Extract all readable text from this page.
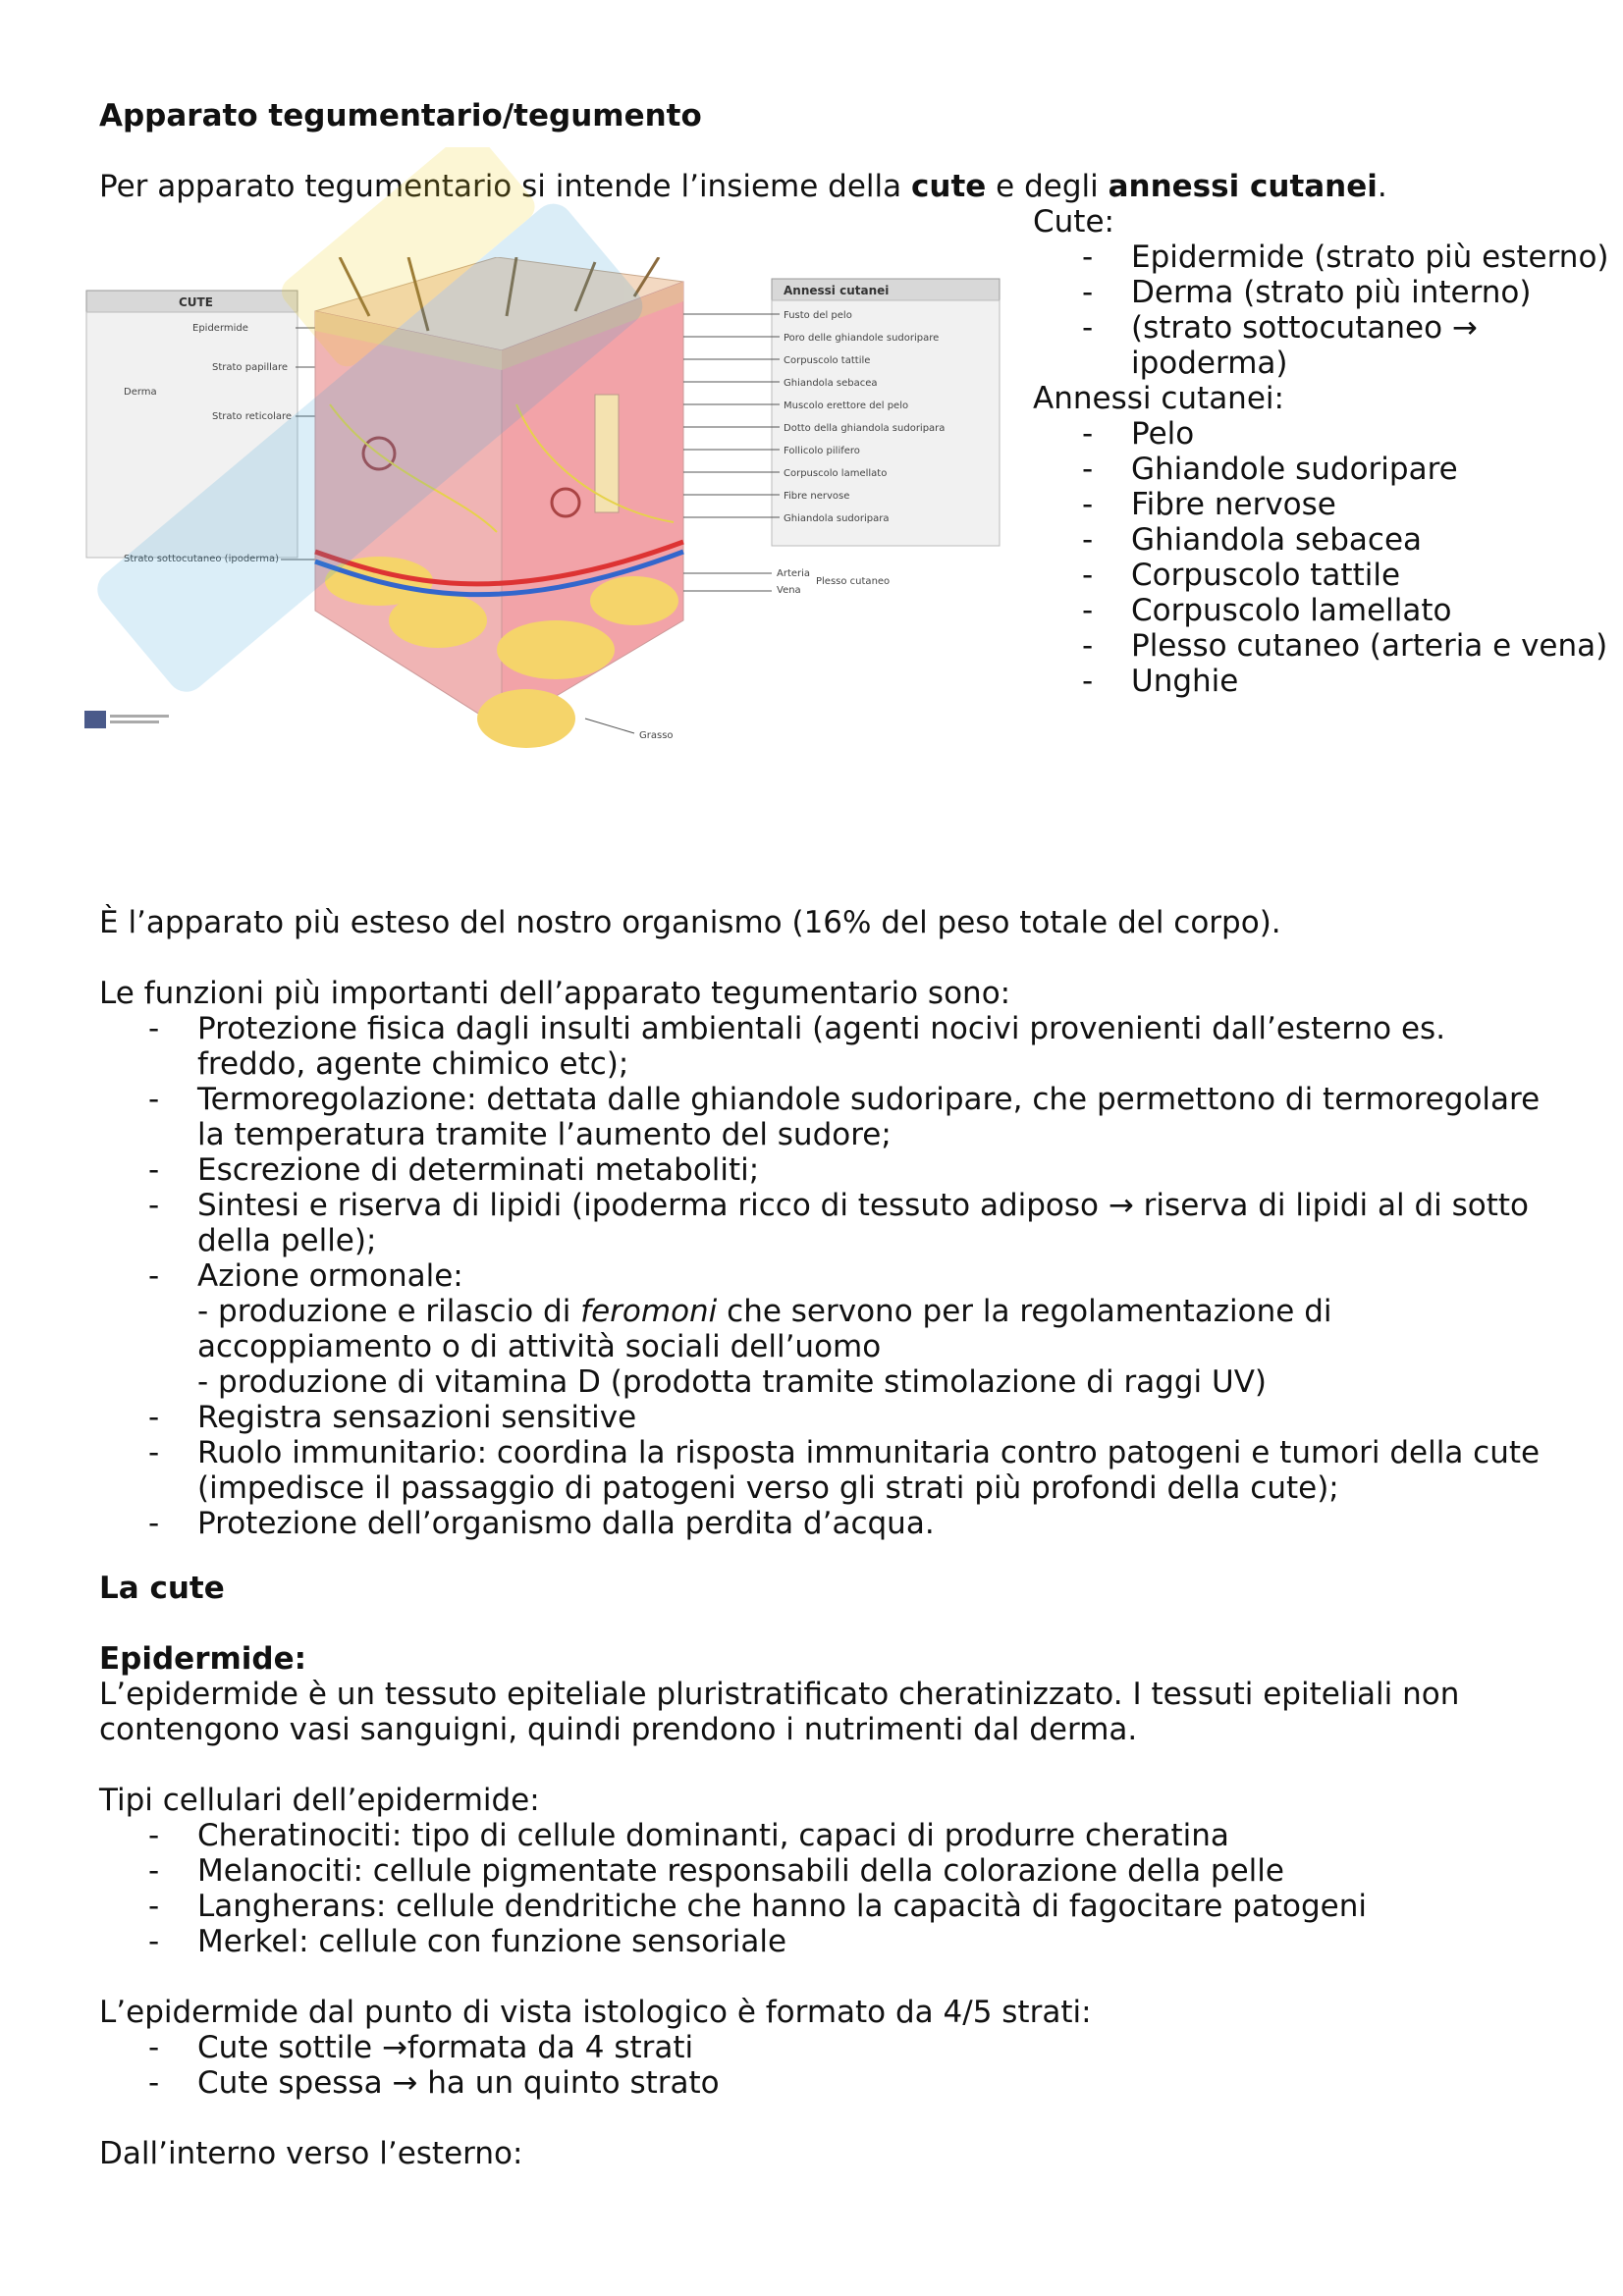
Apparato tegumentario/tegumento
Per apparato tegumentario si intende l’insieme della cute e degli annessi cutanei.
CUTE
Epidermide
Strato papillare
Derma
Strato reticolare
Strato sottocutaneo (ipoderma)
Annessi cutanei
Fusto del pelo
Poro delle ghiandole sudoripare
Corpuscolo tattile
Ghiandola sebacea
Muscolo erettore del pelo
Dotto della ghiandola sudoripara
Follicolo pilifero
Corpuscolo lamellato
Fibre nervose
Ghiandola sudoripara
Arteria
Vena
Plesso cutaneo
Grasso
Cute:
- Epidermide (strato più esterno)
- Derma (strato più interno)
- (strato sottocutaneo → ipoderma)
Annessi cutanei:
- Pelo
- Ghiandole sudoripare
- Fibre nervose
- Ghiandola sebacea
- Corpuscolo tattile
- Corpuscolo lamellato
- Plesso cutaneo (arteria e vena)
- Unghie
È l’apparato più esteso del nostro organismo (16% del peso totale del corpo).
Le funzioni più importanti dell’apparato tegumentario sono:
- Protezione fisica dagli insulti ambientali (agenti nocivi provenienti dall’esterno es. freddo, agente chimico etc);
- Termoregolazione: dettata dalle ghiandole sudoripare, che permettono di termoregolare la temperatura tramite l’aumento del sudore;
- Escrezione di determinati metaboliti;
- Sintesi e riserva di lipidi (ipoderma ricco di tessuto adiposo → riserva di lipidi al di sotto della pelle);
- Azione ormonale:
- produzione e rilascio di feromoni che servono per la regolamentazione di accoppiamento o di attività sociali dell’uomo
- produzione di vitamina D (prodotta tramite stimolazione di raggi UV)
- Registra sensazioni sensitive
- Ruolo immunitario: coordina la risposta immunitaria contro patogeni e tumori della cute (impedisce il passaggio di patogeni verso gli strati più profondi della cute);
- Protezione dell’organismo dalla perdita d’acqua.
La cute
Epidermide:
L’epidermide è un tessuto epiteliale pluristratificato cheratinizzato. I tessuti epiteliali non contengono vasi sanguigni, quindi prendono i nutrimenti dal derma.
Tipi cellulari dell’epidermide:
- Cheratinociti: tipo di cellule dominanti, capaci di produrre cheratina
- Melanociti: cellule pigmentate responsabili della colorazione della pelle
- Langherans: cellule dendritiche che hanno la capacità di fagocitare patogeni
- Merkel: cellule con funzione sensoriale
L’epidermide dal punto di vista istologico è formato da 4/5 strati:
- Cute sottile →formata da 4 strati
- Cute spessa → ha un quinto strato
Dall’interno verso l’esterno:
